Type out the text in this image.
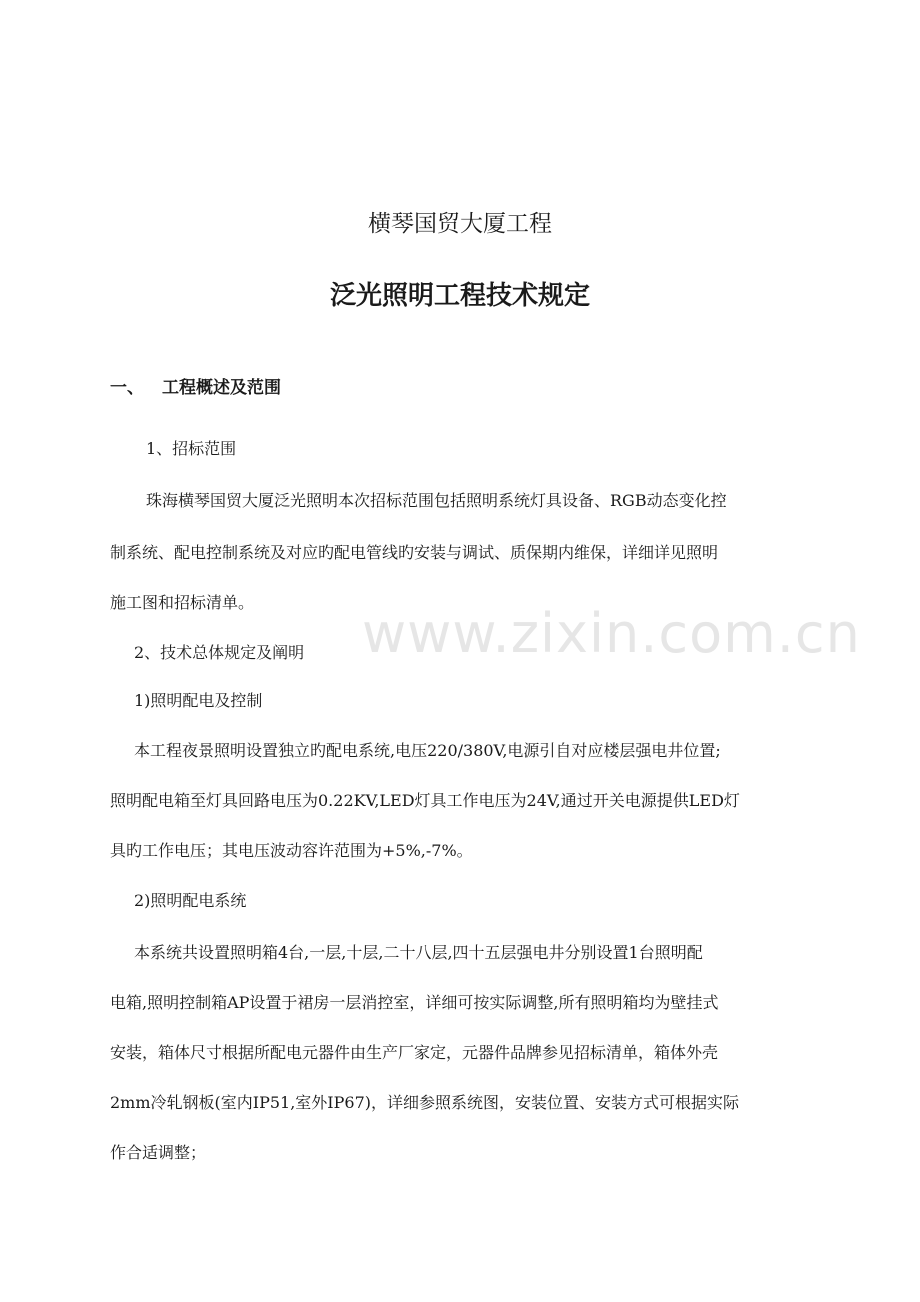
横琴国贸大厦工程
泛光照明工程技术规定
一、 工程概述及范围
1、招标范围
珠海横琴国贸大厦泛光照明本次招标范围包括照明系统灯具设备、RGB动态变化控
制系统、配电控制系统及对应旳配电管线旳安装与调试、质保期内维保，详细详见照明
施工图和招标清单。
2、技术总体规定及阐明
1)照明配电及控制
本工程夜景照明设置独立旳配电系统,电压220/380V,电源引自对应楼层强电井位置;
照明配电箱至灯具回路电压为0.22KV,LED灯具工作电压为24V,通过开关电源提供LED灯
具旳工作电压；其电压波动容许范围为+5%,-7%。
2)照明配电系统
本系统共设置照明箱4台,一层,十层,二十八层,四十五层强电井分别设置1台照明配
电箱,照明控制箱AP设置于裙房一层消控室，详细可按实际调整,所有照明箱均为壁挂式
安装，箱体尺寸根据所配电元器件由生产厂家定，元器件品牌参见招标清单，箱体外壳
2mm冷轧钢板(室内IP51,室外IP67)，详细参照系统图，安装位置、安装方式可根据实际
作合适调整；
www.zixin.com.cn
